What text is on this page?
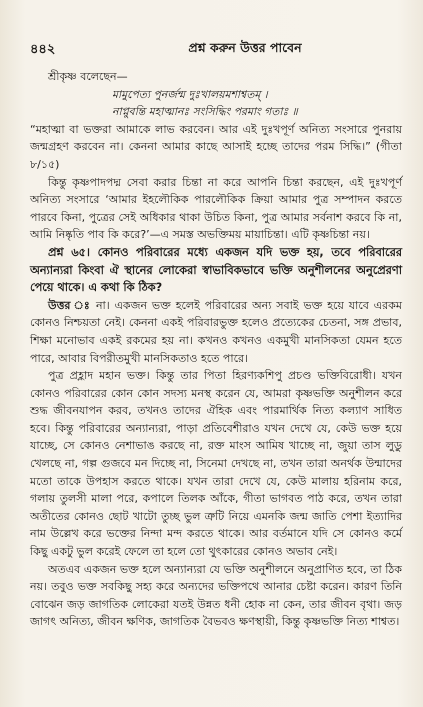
৪৪২	প্রশ্ন করুন উত্তর পাবেন

শ্রীকৃষ্ণ বলেছেন—

মামুপেত্য পুনর্জন্ম দুঃখালয়মশাশ্বতম্ ।

নাপ্নুবন্তি মহাত্মানঃ সংসিদ্ধিং পরমাং গতাঃ ॥

“মহাত্মা বা ভক্তরা আমাকে লাভ করবেন। আর এই দুঃখপূর্ণ অনিত্য সংসারে পুনরায় জন্মগ্রহণ করবেন না। কেননা আমার কাছে আসাই হচ্ছে তাদের পরম সিদ্ধি।” (গীতা ৮/১৫)

কিন্তু কৃষ্ণপাদপদ্ম সেবা করার চিন্তা না করে আপনি চিন্তা করছেন, এই দুঃখপূর্ণ অনিত্য সংসারে ‘আমার ইহলৌকিক পারলৌকিক ক্রিয়া আমার পুত্র সম্পাদন করতে পারবে কিনা, পুত্রের সেই অধিকার থাকা উচিত কিনা, পুত্র আমার সর্বনাশ করবে কি না, আমি নিষ্কৃতি পাব কি করে?’—এ সমস্ত অভক্তিময় মায়াচিন্তা। এটি কৃষ্ণচিন্তা নয়।

প্রশ্ন ৬৫। কোনও পরিবারের মধ্যে একজন যদি ভক্ত হয়, তবে পরিবারের অন্যান্যরা কিংবা ঐ স্থানের লোকেরা স্বাভাবিকভাবে ভক্তি অনুশীলনের অনুপ্রেরণা পেয়ে থাকে। এ কথা কি ঠিক?

উত্তর ঃ না। একজন ভক্ত হলেই পরিবারের অন্য সবাই ভক্ত হয়ে যাবে এরকম কোনও নিশ্চয়তা নেই। কেননা একই পরিবারভুক্ত হলেও প্রত্যেকের চেতনা, সঙ্গ প্রভাব, শিক্ষা মনোভাব একই রকমের হয় না। কখনও কখনও একমুখী মানসিকতা যেমন হতে পারে, আবার বিপরীতমুখী মানসিকতাও হতে পারে।

পুত্র প্রহ্লাদ মহান ভক্ত। কিন্তু তার পিতা হিরণ্যকশিপু প্রচণ্ড ভক্তিবিরোধী। যখন কোনও পরিবারের কোন কোন সদস্য মনস্থ করেন যে, আমরা কৃষ্ণভক্তি অনুশীলন করে শুদ্ধ জীবনযাপন করব, তখনও তাদের ঐহিক এবং পারমার্থিক নিত্য কল্যাণ সাধিত হবে। কিন্তু পরিবারের অন্যান্যরা, পাড়া প্রতিবেশীরাও যখন দেখে যে, কেউ ভক্ত হয়ে যাচ্ছে, সে কোনও নেশাভাঙ করছে না, রক্ত মাংস আমিষ খাচ্ছে না, জুয়া তাস লুডু খেলছে না, গল্প গুজবে মন দিচ্ছে না, সিনেমা দেখছে না, তখন তারা অনর্থক উন্মাদের মতো তাকে উপহাস করতে থাকে। যখন তারা দেখে যে, কেউ মালায় হরিনাম করে, গলায় তুলসী মালা পরে, কপালে তিলক আঁকে, গীতা ভাগবত পাঠ করে, তখন তারা অতীতের কোনও ছোট খাটো তুচ্ছ ভুল ত্রুটি নিয়ে এমনকি জন্ম জাতি পেশা ইত্যাদির নাম উল্লেখ করে ভক্তের নিন্দা মন্দ করতে থাকে। আর বর্তমানে যদি সে কোনও কর্মে কিছু একটু ভুল করেই ফেলে তা হলে তো থুৎকারের কোনও অভাব নেই।

অতএব একজন ভক্ত হলে অন্যান্যরা যে ভক্তি অনুশীলনে অনুপ্রাণিত হবে, তা ঠিক নয়। তবুও ভক্ত সবকিছু সহ্য করে অন্যদের ভক্তিপথে আনার চেষ্টা করেন। কারণ তিনি বোঝেন জড় জাগতিক লোকেরা যতই উন্নত ধনী হোক না কেন, তার জীবন বৃথা। জড় জাগৎ অনিত্য, জীবন ক্ষণিক, জাগতিক বৈভবও ক্ষণস্থায়ী, কিন্তু কৃষ্ণভক্তি নিত্য শাশ্বত।
